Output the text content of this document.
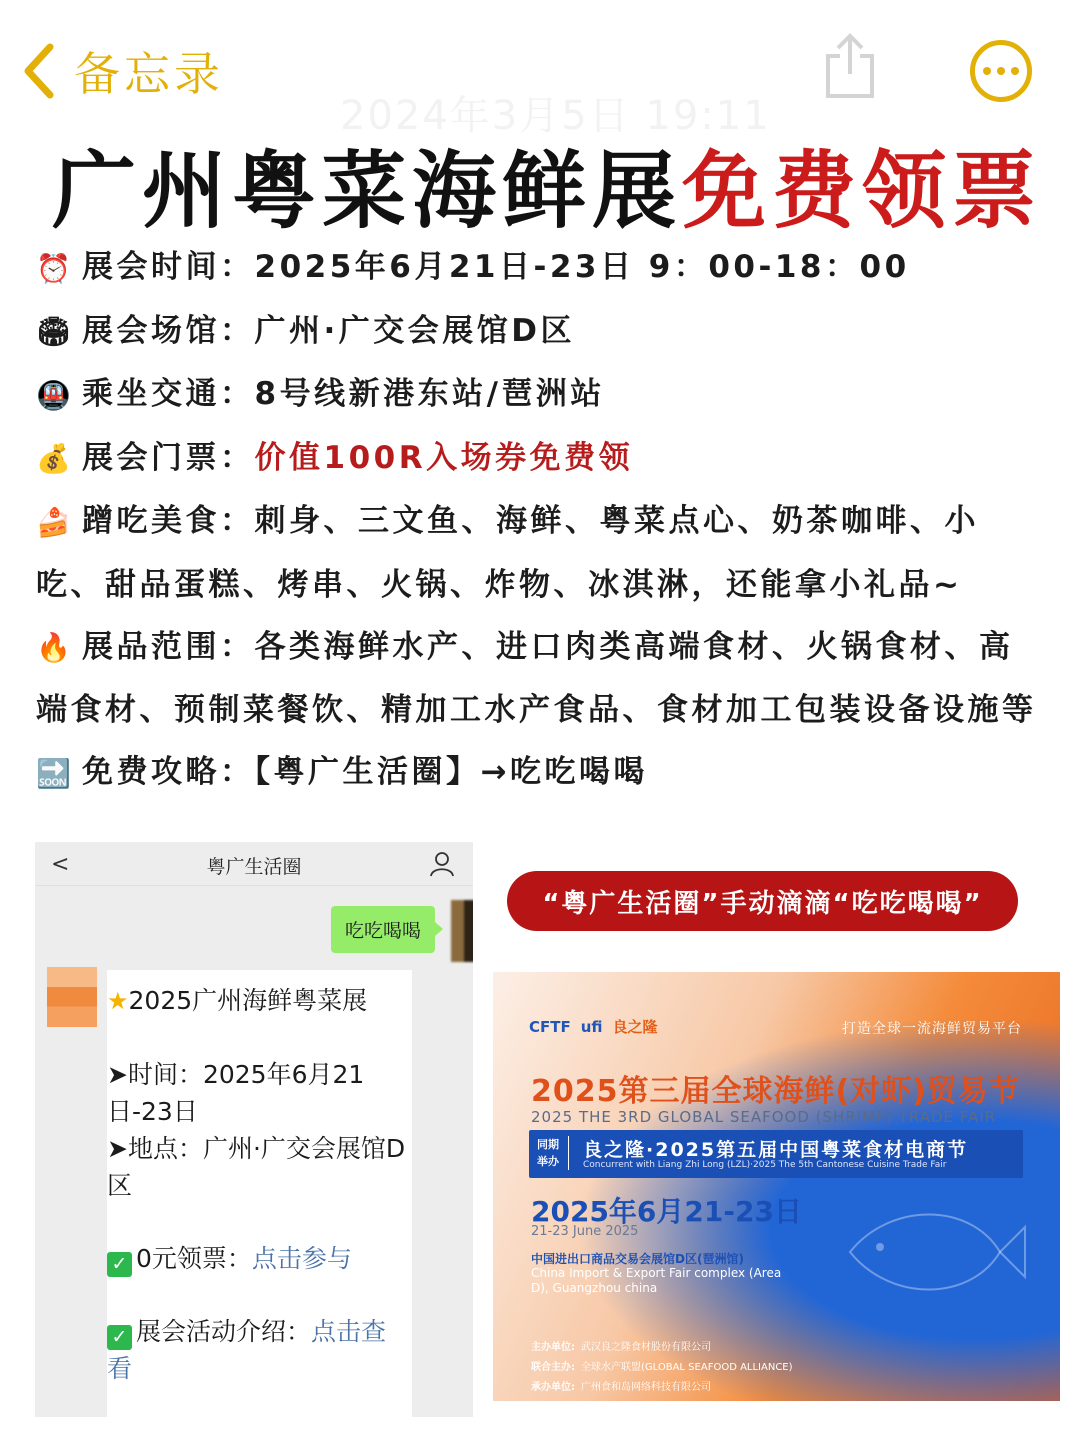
备忘录
2024年3月5日 19:11
广州粤菜海鲜展免费领票
⏰ 展会时间：2025年6月21日-23日 9：00-18：00
🏟 展会场馆：广州·广交会展馆D区
🚇 乘坐交通：8号线新港东站/琶洲站
💰 展会门票：价值100R入场券免费领
🍰 蹭吃美食：刺身、三文鱼、海鲜、粤菜点心、奶茶咖啡、小吃、甜品蛋糕、烤串、火锅、炸物、冰淇淋，还能拿小礼品~
🔥 展品范围：各类海鲜水产、进口肉类高端食材、火锅食材、高端食材、预制菜餐饮、精加工水产食品、食材加工包装设备设施等
🔜 免费攻略：【粤广生活圈】→吃吃喝喝
<	粤广生活圈
吃吃喝喝
★2025广州海鲜粤菜展
➤时间：2025年6月21日-23日
➤地点：广州·广交会展馆D区
✓ 0元领票：点击参与
✓ 展会活动介绍：点击查看
“粤广生活圈”手动滴滴“吃吃喝喝”
CFTF ufi 良之隆	打造全球一流海鲜贸易平台
2025第三届全球海鲜(对虾)贸易节
2025 THE 3RD GLOBAL SEAFOOD (SHRIMP) TRADE FAIR
同期举办
良之隆·2025第五届中国粤菜食材电商节
Concurrent with Liang Zhi Long (LZL)·2025 The 5th Cantonese Cuisine Trade Fair
2025年6月21-23日
21-23 June 2025
中国进出口商品交易会展馆D区(琶洲馆)
China Import & Export Fair complex (Area D), Guangzhou china
主办单位: 武汉良之隆食材股份有限公司
联合主办: 全球水产联盟(GLOBAL SEAFOOD ALLIANCE)
承办单位: 广州食和岛网络科技有限公司
